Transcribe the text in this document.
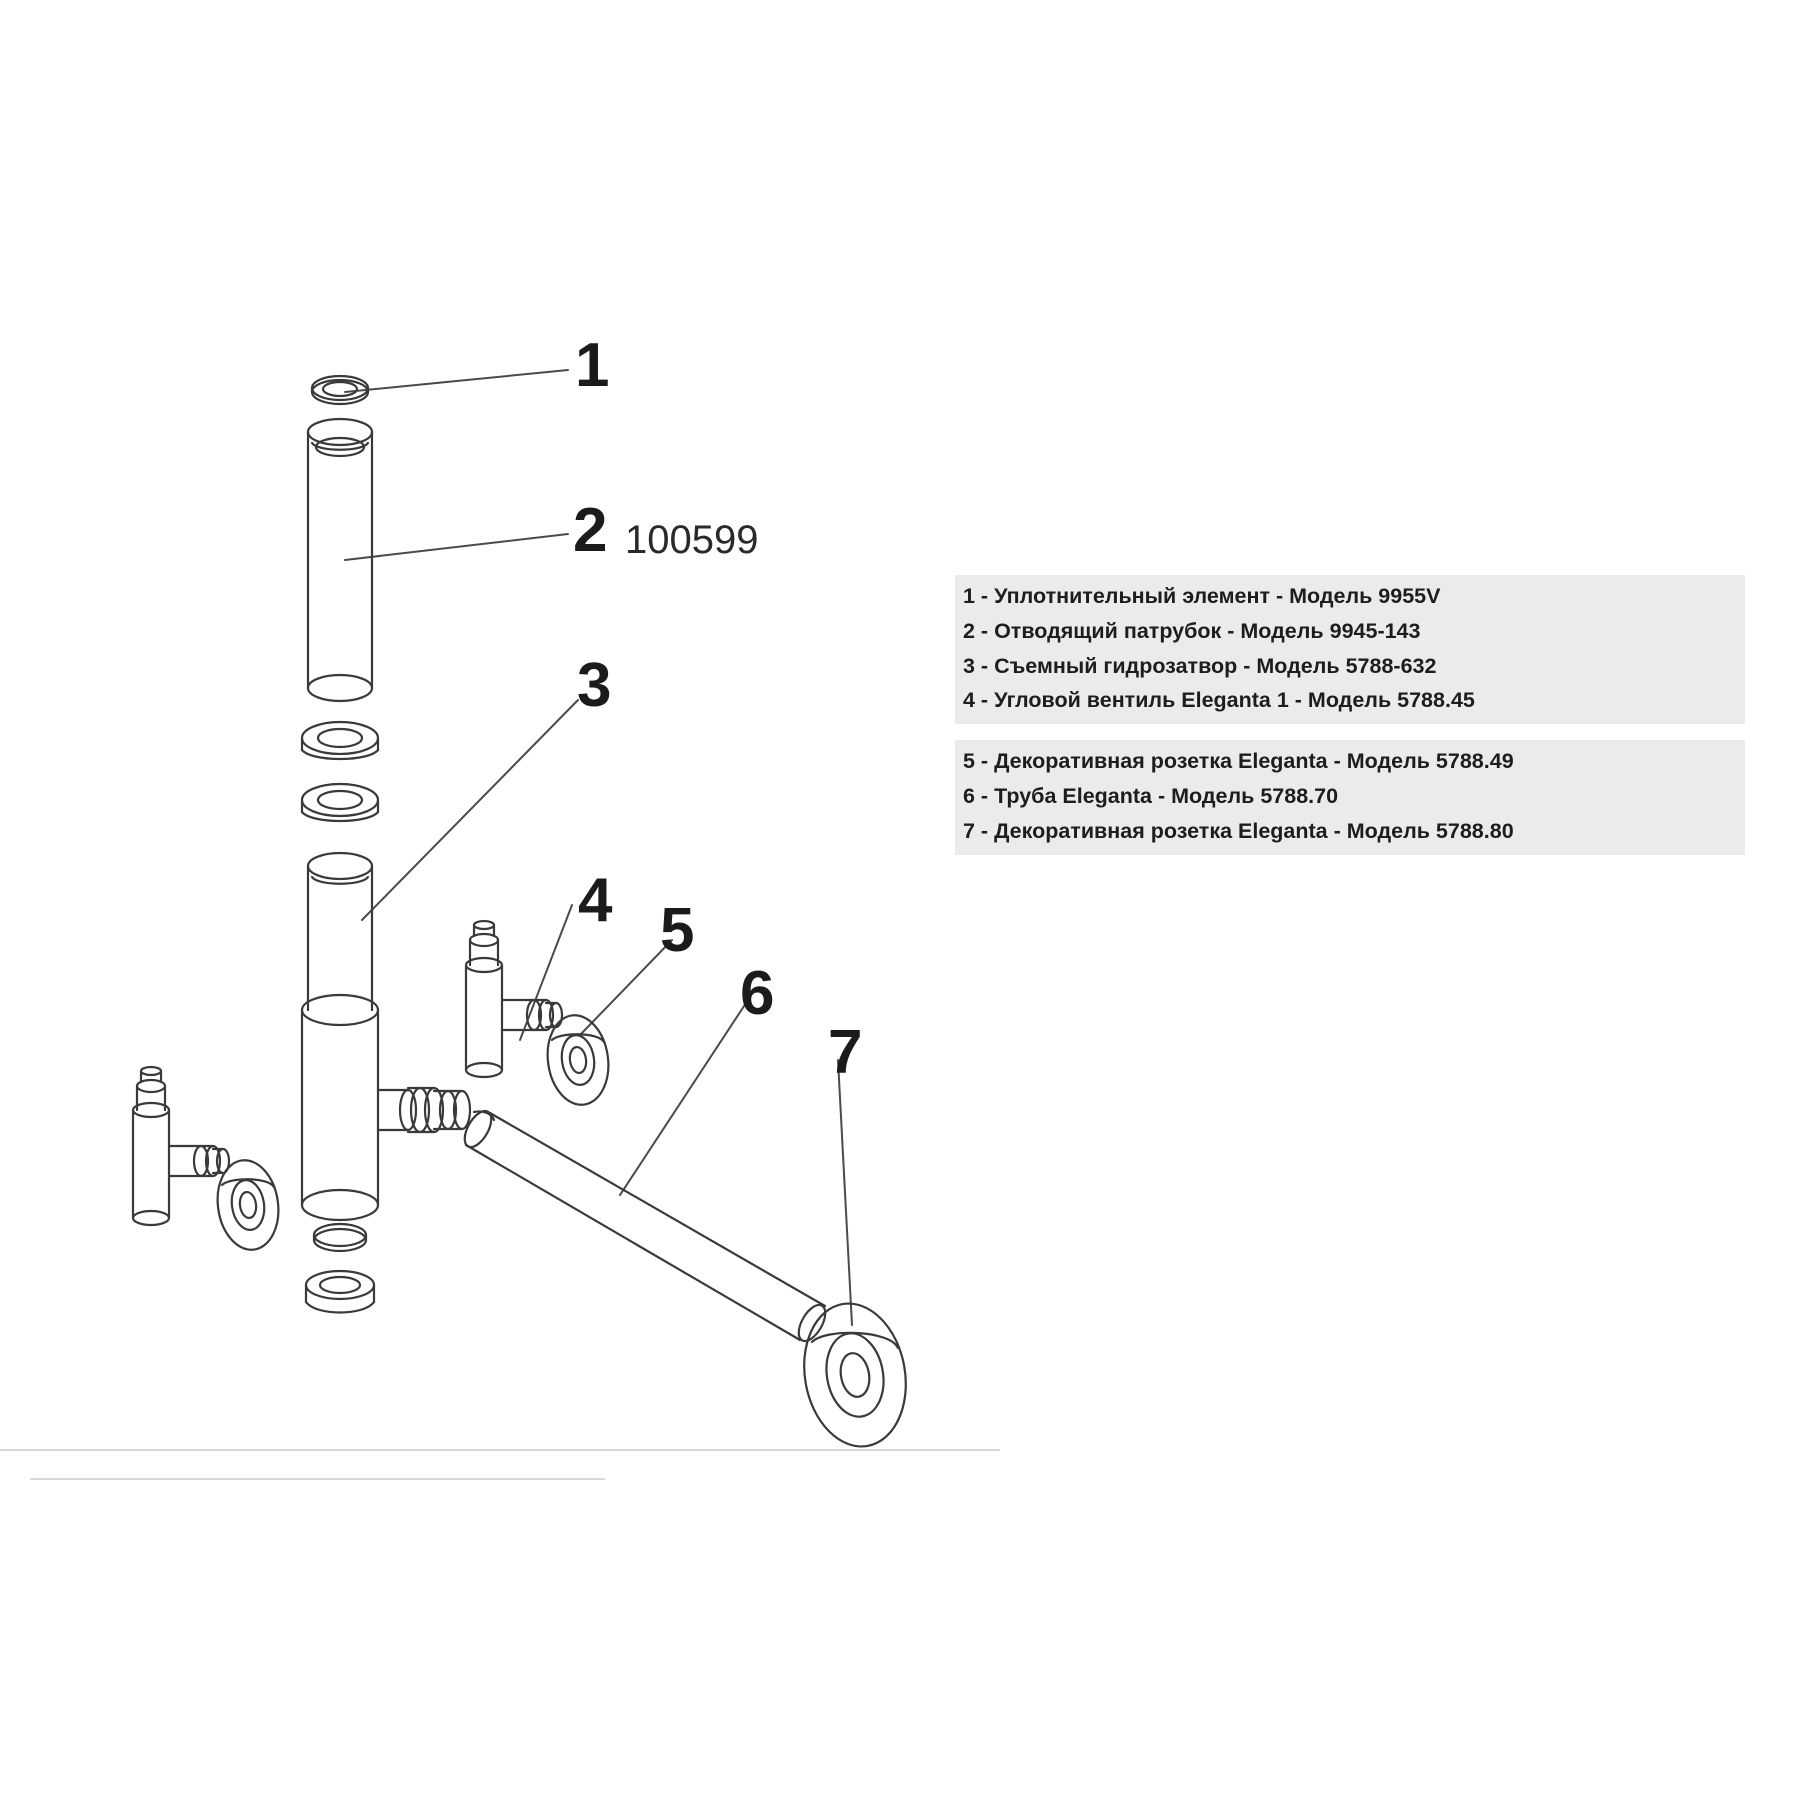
1
2 100599
3
4 5
6
7
1 - Уплотнительный элемент - Модель 9955V
2 - Отводящий патрубок - Модель 9945-143
3 - Съемный гидрозатвор - Модель 5788-632
4 - Угловой вентиль Eleganta 1 - Модель 5788.45
5 - Декоративная розетка Eleganta - Модель 5788.49
6 - Труба Eleganta - Модель 5788.70
7 - Декоративная розетка Eleganta - Модель 5788.80
